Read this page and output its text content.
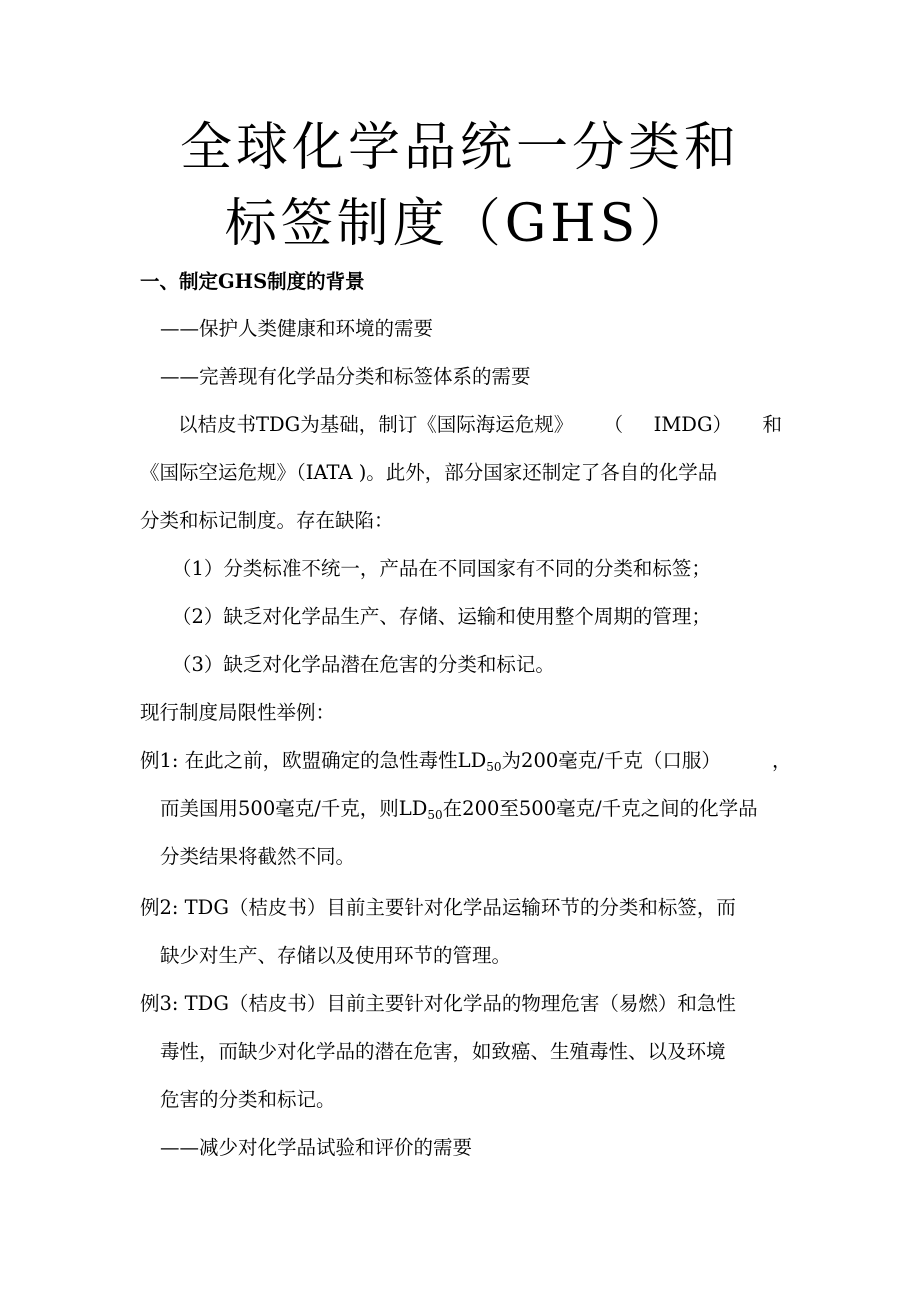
全球化学品统一分类和
标签制度（GHS）
一、制定GHS制度的背景
——保护人类健康和环境的需要
——完善现有化学品分类和标签体系的需要
以桔皮书TDG为基础，制订《国际海运危规》 （ IMDG） 和
《国际空运危规》（IATA )。此外，部分国家还制定了各自的化学品
分类和标记制度。存在缺陷：
（1）分类标准不统一，产品在不同国家有不同的分类和标签；
（2）缺乏对化学品生产、存储、运输和使用整个周期的管理；
（3）缺乏对化学品潜在危害的分类和标记。
现行制度局限性举例：
例1: 在此之前，欧盟确定的急性毒性$LD_{50}$为200毫克/千克（口服）	，
而美国用500毫克/千克，则$LD_{50}$在200至500毫克/千克之间的化学品
分类结果将截然不同。
例2: TDG（桔皮书）目前主要针对化学品运输环节的分类和标签，而
缺少对生产、存储以及使用环节的管理。
例3: TDG（桔皮书）目前主要针对化学品的物理危害（易燃）和急性
毒性，而缺少对化学品的潜在危害，如致癌、生殖毒性、以及环境
危害的分类和标记。
——减少对化学品试验和评价的需要
